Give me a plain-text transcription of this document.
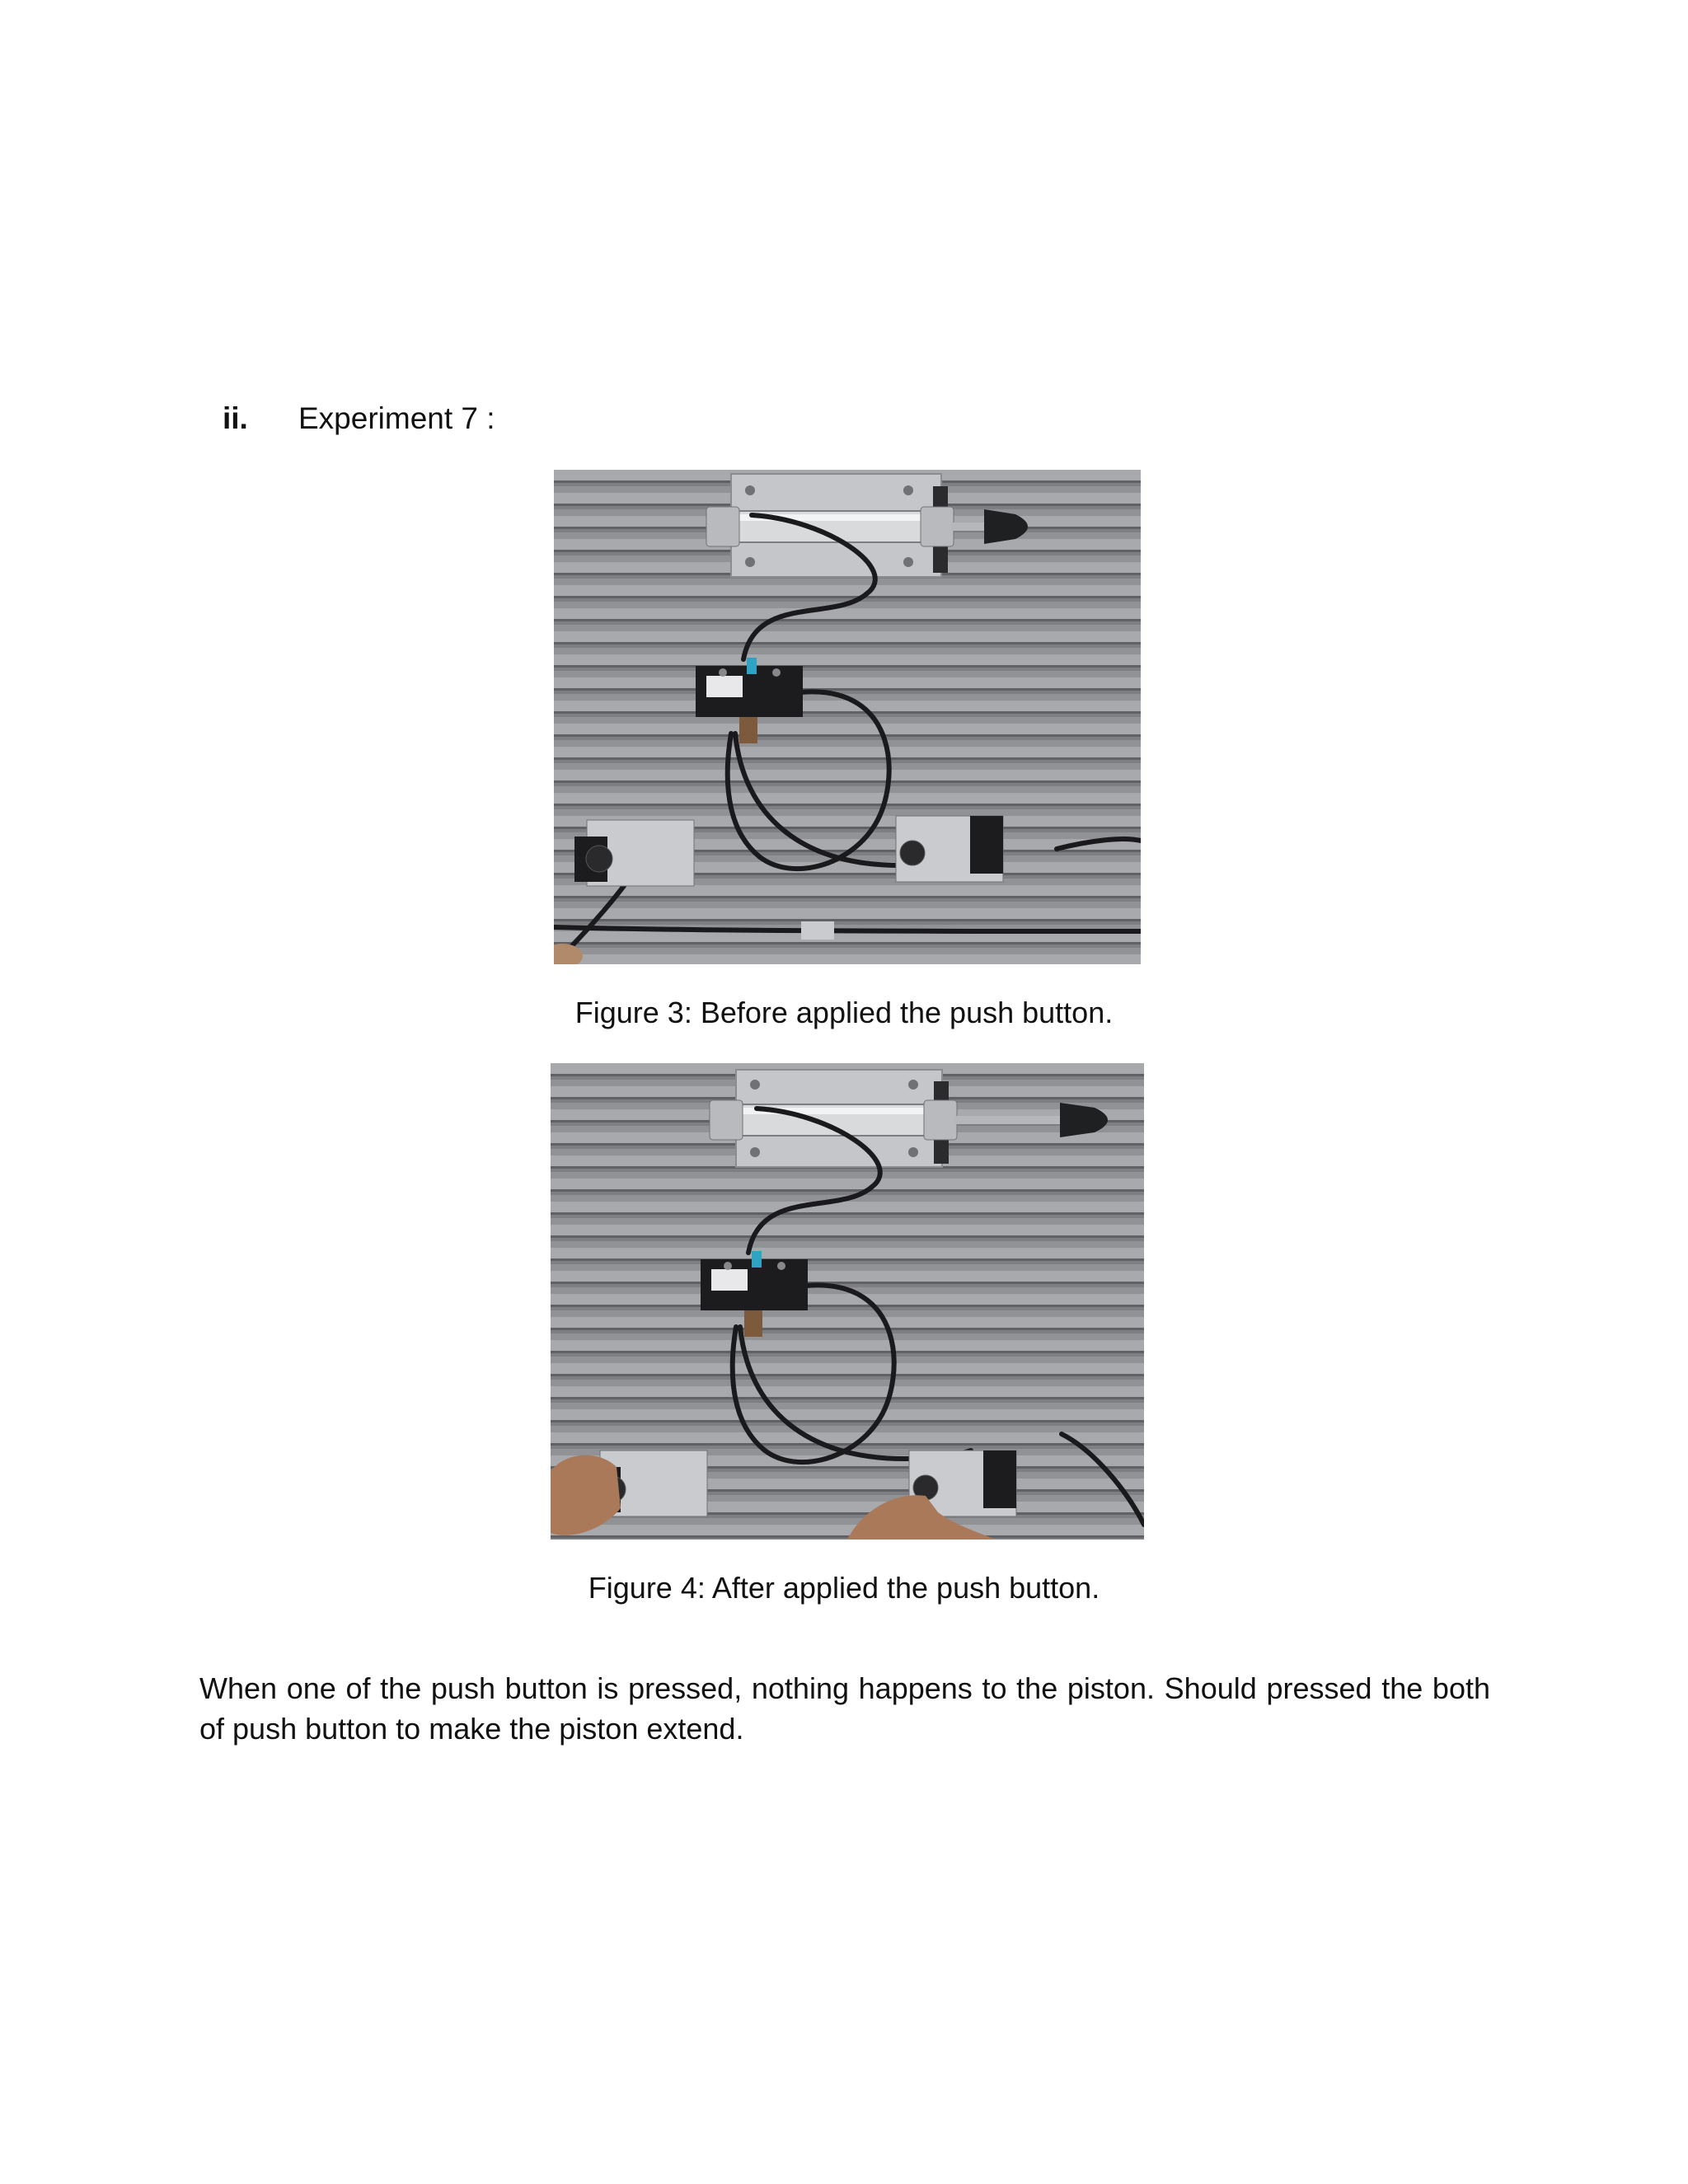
ii. Experiment 7 :
Figure 3: Before applied the push button.
Figure 4: After applied the push button.

When one of the push button is pressed, nothing happens to the piston. Should pressed the both of push button to make the piston extend.
